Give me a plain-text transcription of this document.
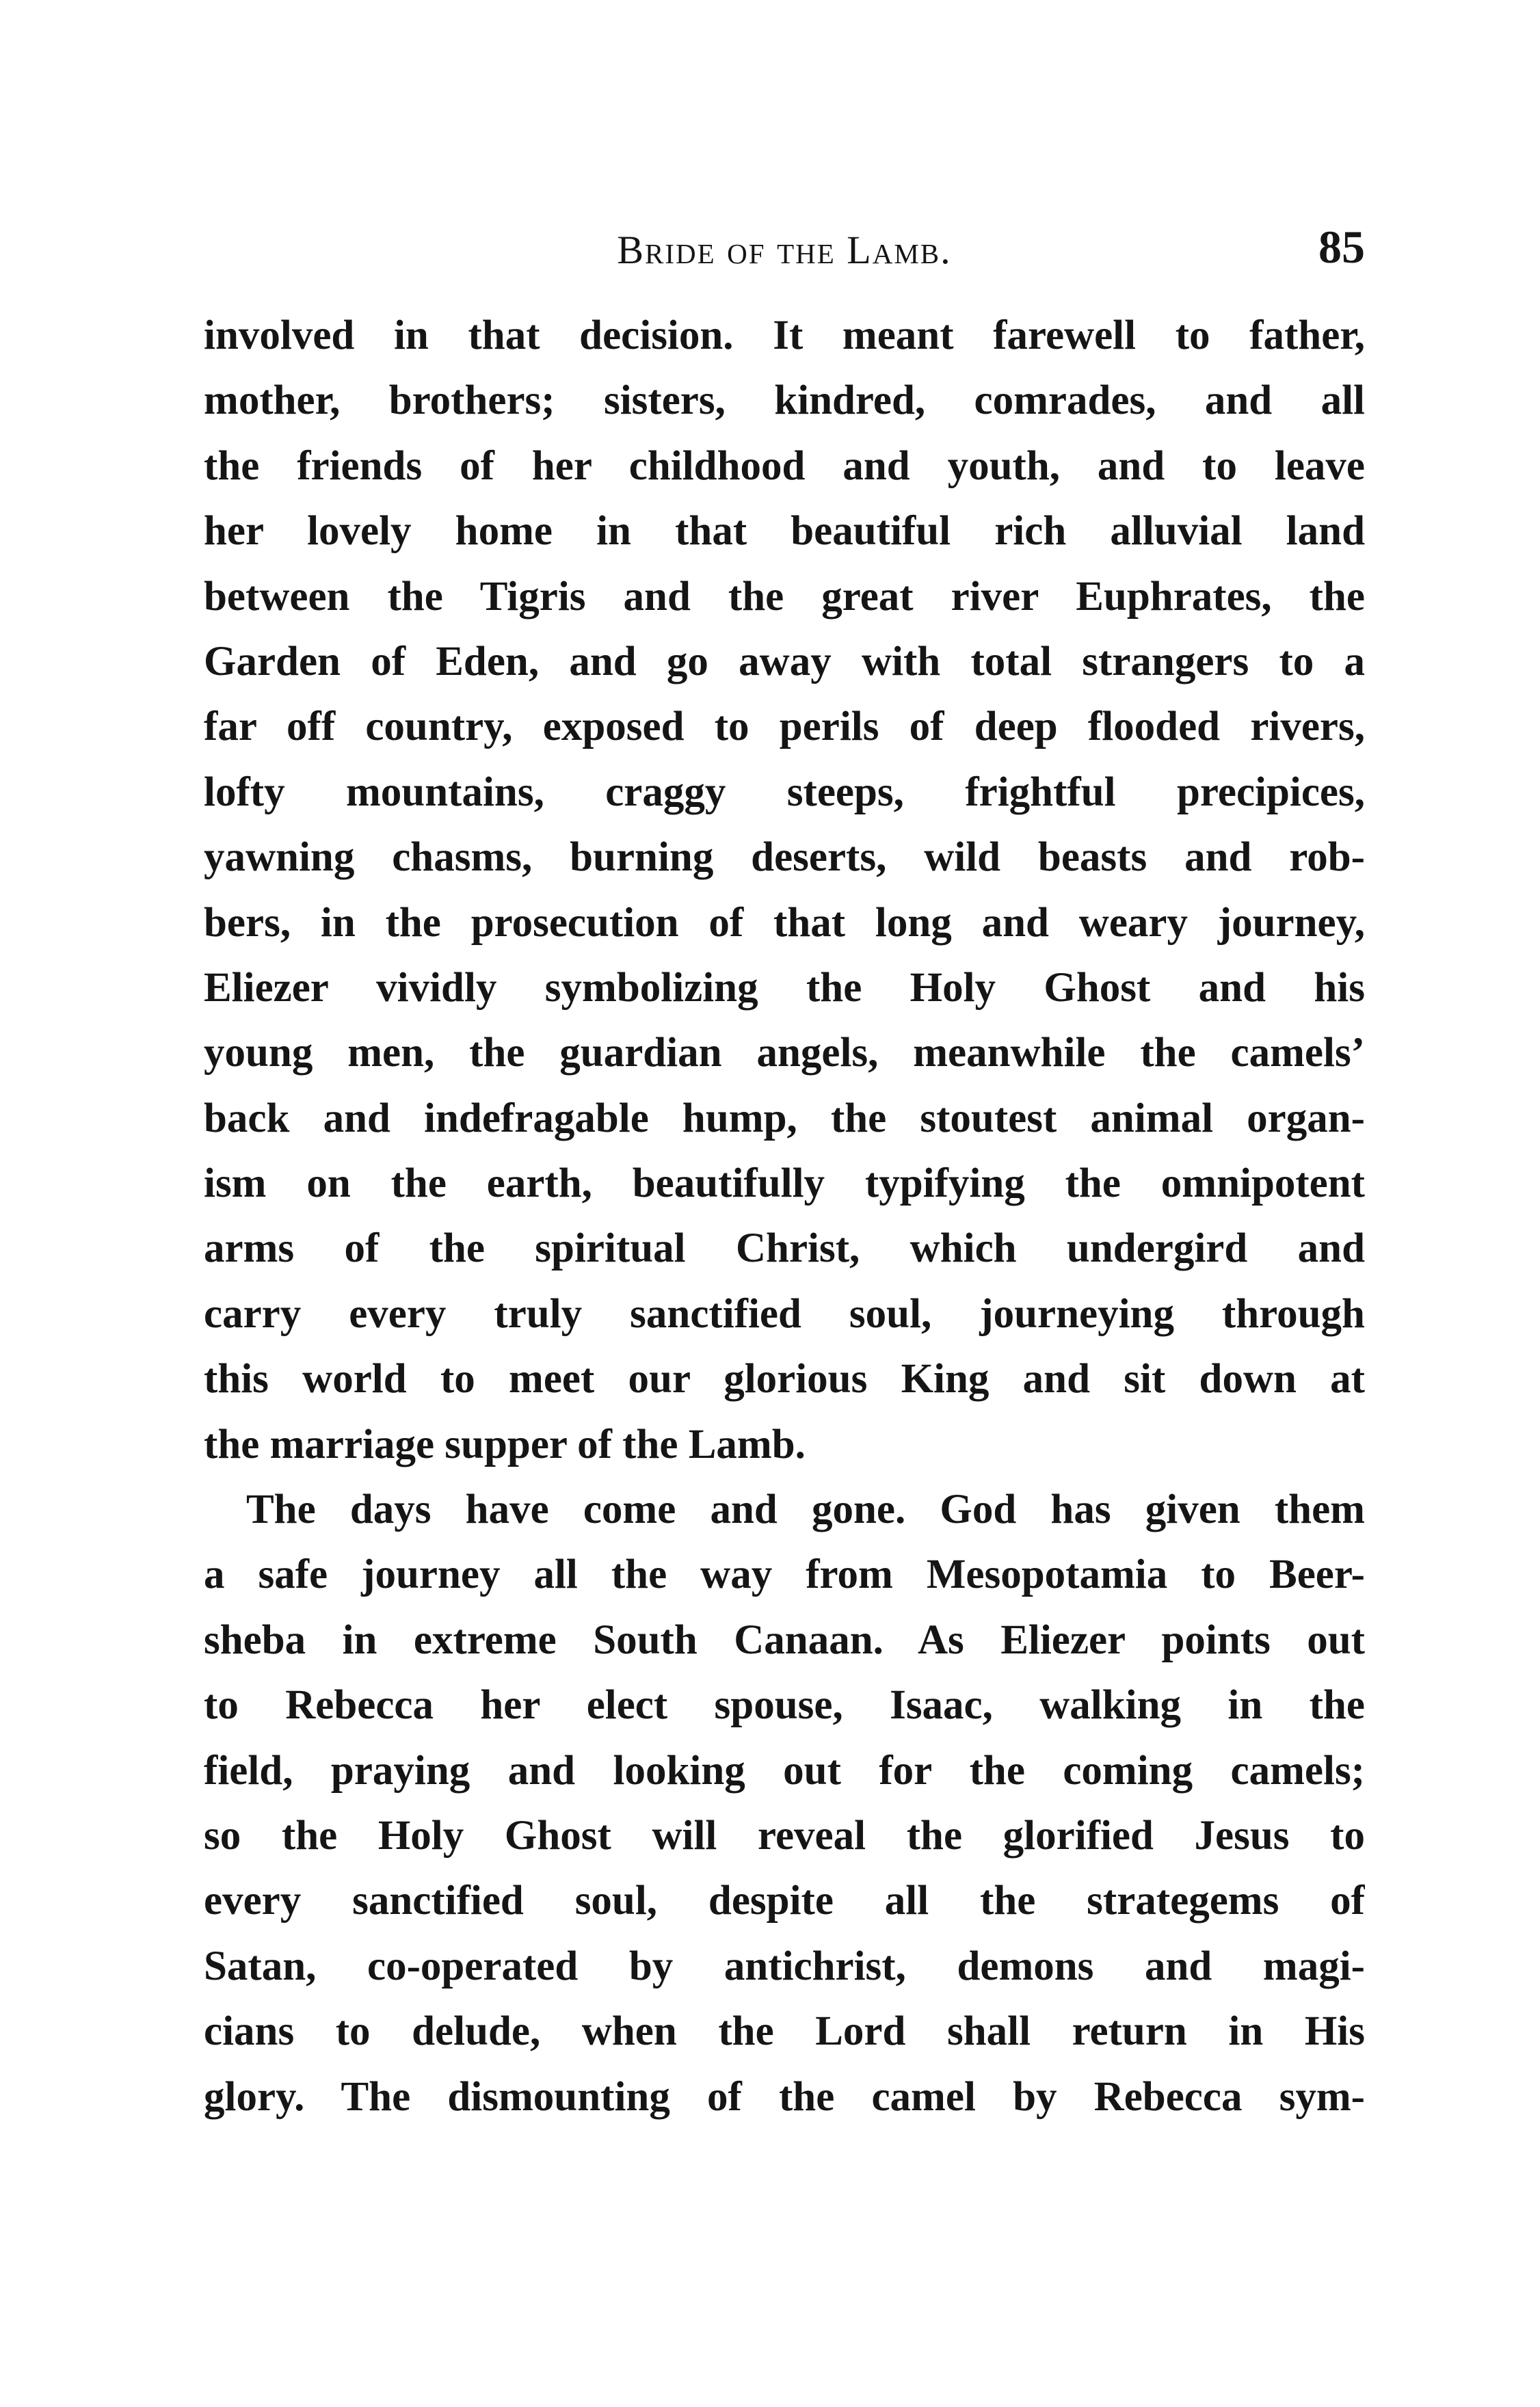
Bride of the Lamb.	85
involved in that decision. It meant farewell to father,
mother, brothers; sisters, kindred, comrades, and all
the friends of her childhood and youth, and to leave
her lovely home in that beautiful rich alluvial land
between the Tigris and the great river Euphrates, the
Garden of Eden, and go away with total strangers to a
far off country, exposed to perils of deep flooded rivers,
lofty mountains, craggy steeps, frightful precipices,
yawning chasms, burning deserts, wild beasts and rob-
bers, in the prosecution of that long and weary journey,
Eliezer vividly symbolizing the Holy Ghost and his
young men, the guardian angels, meanwhile the camels’
back and indefragable hump, the stoutest animal organ-
ism on the earth, beautifully typifying the omnipotent
arms of the spiritual Christ, which undergird and
carry every truly sanctified soul, journeying through
this world to meet our glorious King and sit down at
the marriage supper of the Lamb.
The days have come and gone. God has given them
a safe journey all the way from Mesopotamia to Beer-
sheba in extreme South Canaan. As Eliezer points out
to Rebecca her elect spouse, Isaac, walking in the
field, praying and looking out for the coming camels;
so the Holy Ghost will reveal the glorified Jesus to
every sanctified soul, despite all the strategems of
Satan, co-operated by antichrist, demons and magi-
cians to delude, when the Lord shall return in His
glory. The dismounting of the camel by Rebecca sym-
